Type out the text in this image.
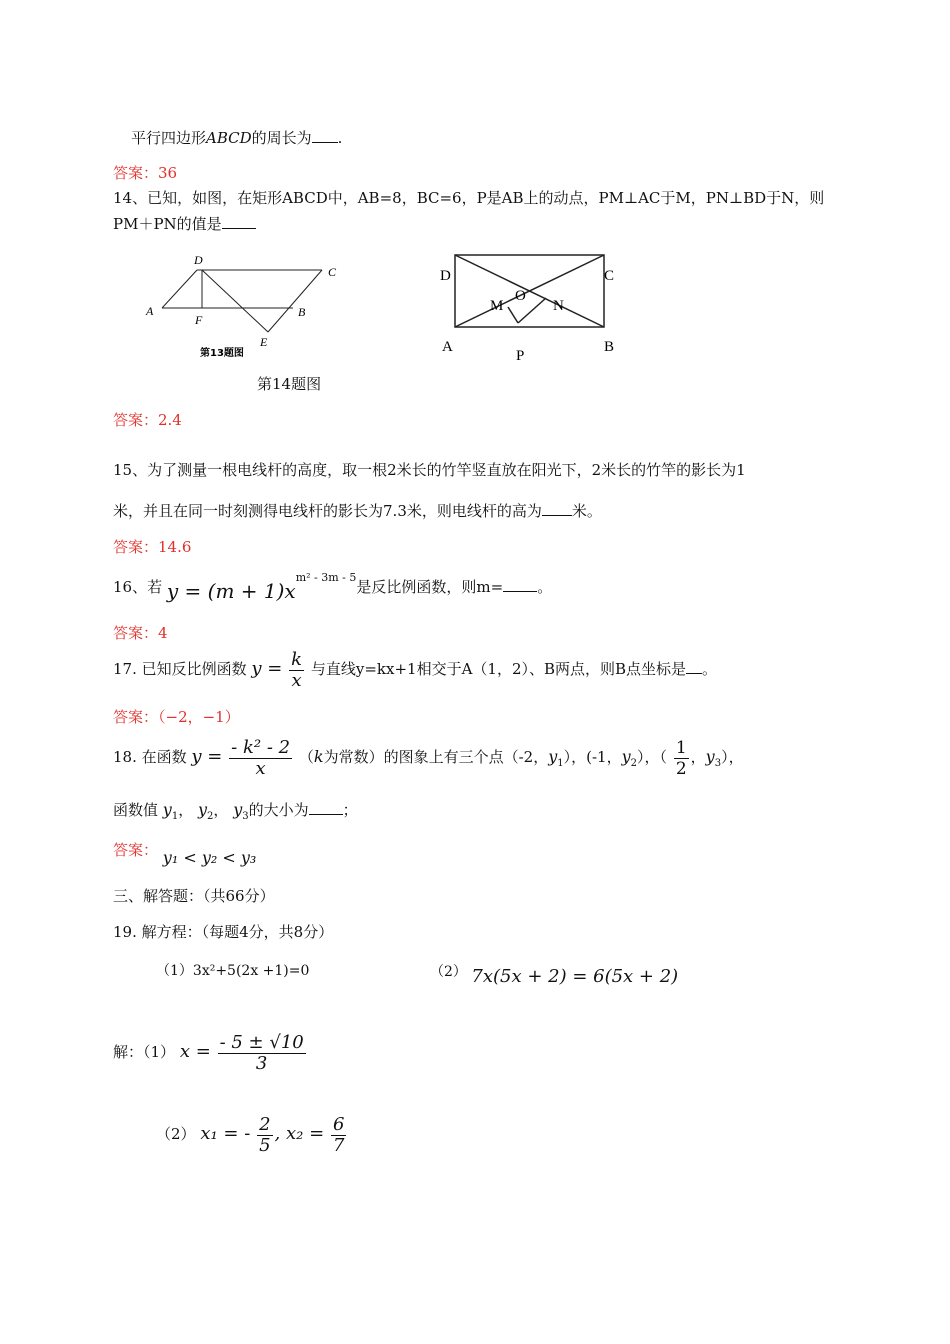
平行四边形ABCD的周长为 .
答案：36
14、已知，如图，在矩形ABCD中，AB=8，BC=6，P是AB上的动点，PM⊥AC于M，PN⊥BD于N，则
PM＋PN的值是
D
C
A	B
F
E
第13题图
D	C
A	B
M
O
N
P
第14题图
答案：2.4
15、为了测量一根电线杆的高度，取一根2米长的竹竿竖直放在阳光下，2米长的竹竿的影长为1
米，并且在同一时刻测得电线杆的影长为7.3米，则电线杆的高为 米。
答案：14.6
16、若 $y = (m + 1)x^{m^2 - 3m - 5}$是反比例函数，则m= 。
答案：4
17. 已知反比例函数 $y = \frac{k}{x}$ 与直线y=kx+1相交于A（1，2）、B两点，则B点坐标是 。
答案：（−2，−1）
18. 在函数 $y = \frac{\text{- k² - 2}}{x} (k$为常数）的图象上有三个点（-2，$y_1$），(-1，$y_2$），（ $\frac{1}{2}$ ，$y_3$），
函数值 $y_1$， $y_2$， $y_3$的大小为 ；
答案： y₁ < y₂ < y₃
三、解答题：（共66分）
19. 解方程：（每题4分，共8分）
（1）3x²+5(2x +1)=0	（2） 7x(5x + 2) = 6(5x + 2)
解：（1） $x = \frac{- 5 \pm √10}{3}$
（2） x₁ = - $\frac{2}{5}$ , $x_2 = \frac{6}{7}$
